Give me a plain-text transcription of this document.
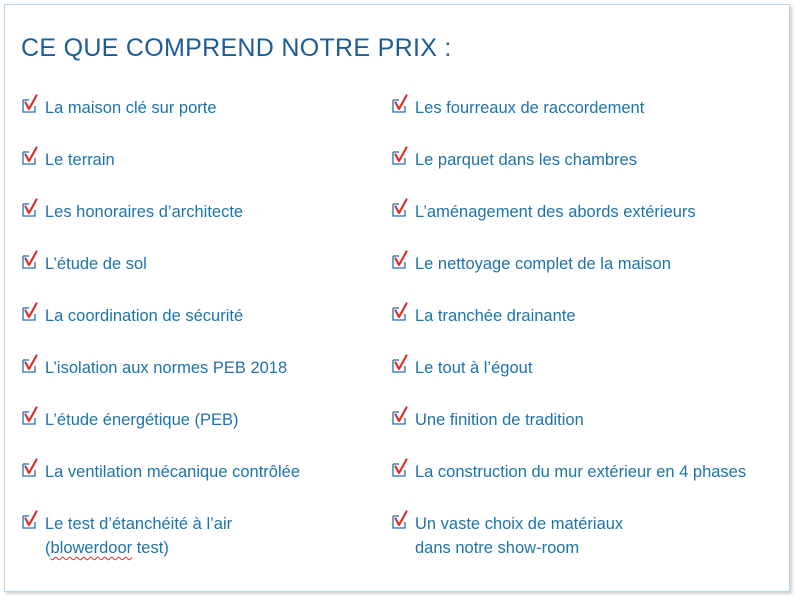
CE QUE COMPREND NOTRE PRIX :
La maison clé sur porte
Le terrain
Les honoraires d’architecte
L’étude de sol
La coordination de sécurité
L’isolation aux normes PEB 2018
L’étude énergétique (PEB)
La ventilation mécanique contrôlée
Le test d’étanchéité à l’air
(blowerdoor test)
Les fourreaux de raccordement
Le parquet dans les chambres
L’aménagement des abords extérieurs
Le nettoyage complet de la maison
La tranchée drainante
Le tout à l’égout
Une finition de tradition
La construction du mur extérieur en 4 phases
Un vaste choix de matériaux
dans notre show-room
